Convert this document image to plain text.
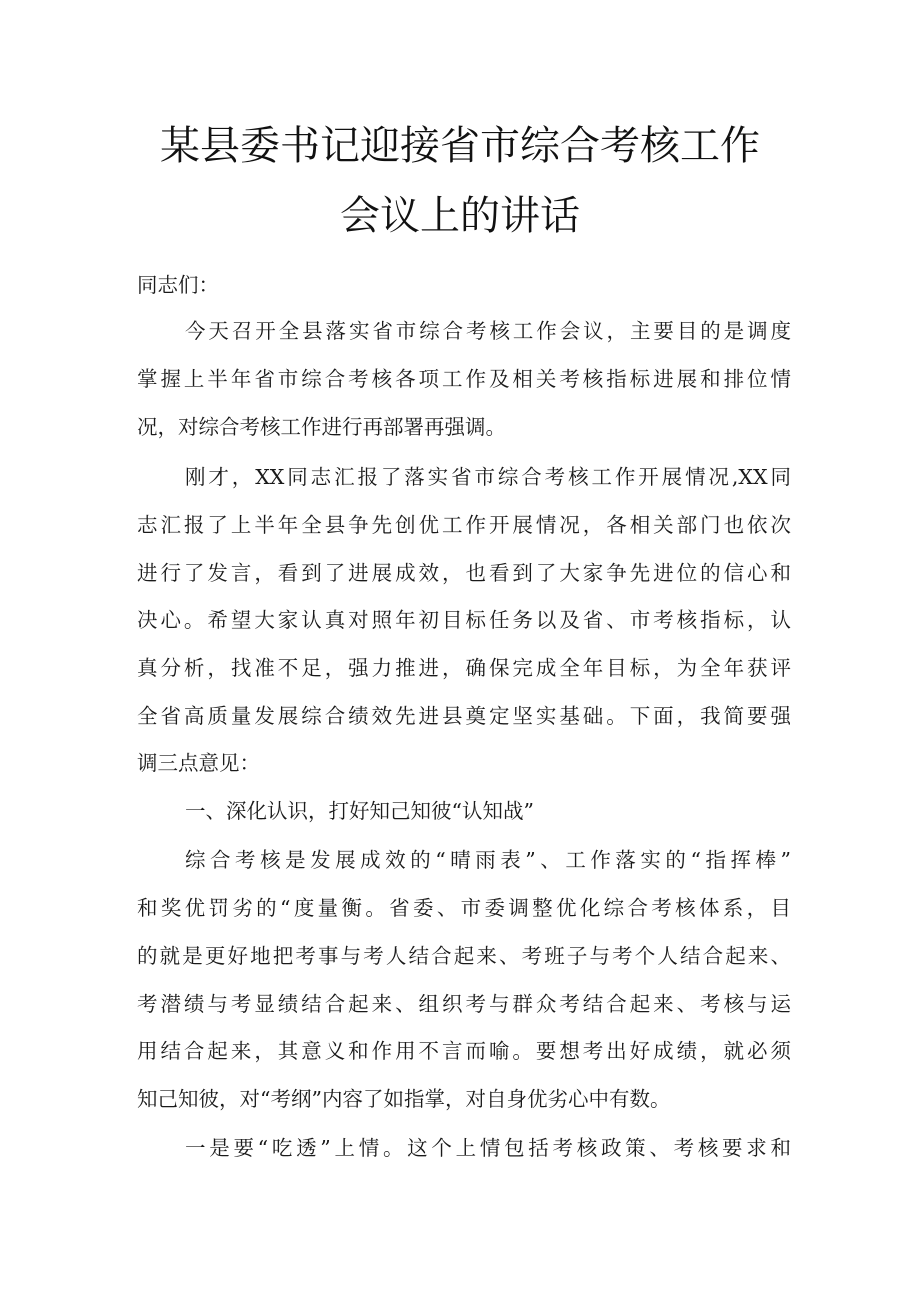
某县委书记迎接省市综合考核工作
会议上的讲话
同志们：
今天召开全县落实省市综合考核工作会议，主要目的是调度
掌握上半年省市综合考核各项工作及相关考核指标进展和排位情
况，对综合考核工作进行再部署再强调。
刚才，XX同志汇报了落实省市综合考核工作开展情况,XX同
志汇报了上半年全县争先创优工作开展情况，各相关部门也依次
进行了发言，看到了进展成效，也看到了大家争先进位的信心和
决心。希望大家认真对照年初目标任务以及省、市考核指标，认
真分析，找准不足，强力推进，确保完成全年目标，为全年获评
全省高质量发展综合绩效先进县奠定坚实基础。下面，我简要强
调三点意见：
一、深化认识，打好知己知彼“认知战”
综合考核是发展成效的“晴雨表”、工作落实的“指挥棒”
和奖优罚劣的“度量衡。省委、市委调整优化综合考核体系，目
的就是更好地把考事与考人结合起来、考班子与考个人结合起来、
考潜绩与考显绩结合起来、组织考与群众考结合起来、考核与运
用结合起来，其意义和作用不言而喻。要想考出好成绩，就必须
知己知彼，对“考纲”内容了如指掌，对自身优劣心中有数。
一是要“吃透”上情。这个上情包括考核政策、考核要求和
